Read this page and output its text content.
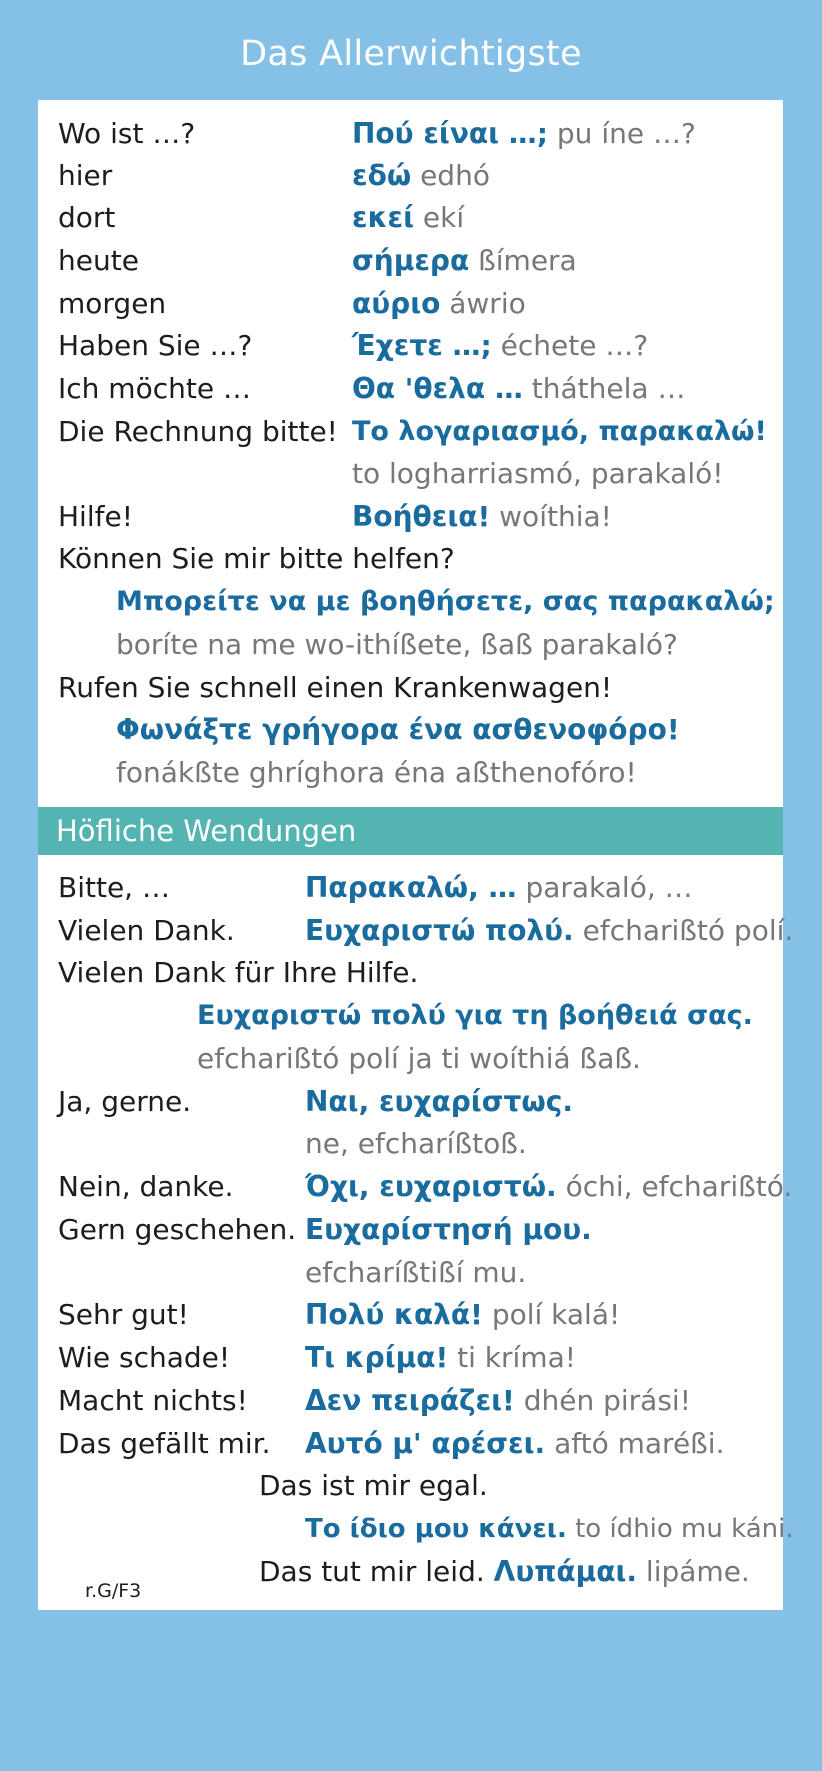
Das Allerwichtigste
Höfliche Wendungen
Wo ist …?	Πού είναι …; pu íne …?
hier	εδώ edhó
dort	εκεί ekí
heute	σήμερα ßímera
morgen	αύριο áwrio
Haben Sie …?	Έχετε …; échete …?
Ich möchte …	Θα 'θελα … tháthela …
Die Rechnung bitte! Το λογαριασμό, παρακαλώ!
to logharriasmó, parakaló!
Hilfe!	Βοήθεια! woíthia!
Können Sie mir bitte helfen?
Μπορείτε να με βοηθήσετε, σας παρακαλώ;
boríte na me wo-ithíßete, ßaß parakaló?
Rufen Sie schnell einen Krankenwagen!
Φωνάξτε γρήγορα ένα ασθενοφόρο!
fonákßte ghríghora éna aßthenofóro!
Bitte, …	Παρακαλώ, … parakaló, …
Vielen Dank.	Ευχαριστώ πολύ. efcharißtó polí.
Vielen Dank für Ihre Hilfe.
Ευχαριστώ πολύ για τη βοήθειά σας.
efcharißtó polí ja ti woíthiá ßaß.
Ja, gerne.	Ναι, ευχαρίστως.
ne, efcharíßtoß.
Nein, danke.	Όχι, ευχαριστώ. óchi, efcharißtó.
Gern geschehen. Ευχαρίστησή μου.
efcharíßtißí mu.
Sehr gut!	Πολύ καλά! polí kalá!
Wie schade!	Τι κρίμα! ti kríma!
Macht nichts! Δεν πειράζει! dhén pirási!
Das gefällt mir. Αυτό μ' αρέσει. aftó maréßi.
Das ist mir egal.
Το ίδιο μου κάνει. to ídhio mu káni.
Das tut mir leid. Λυπάμαι. lipáme.
r.G/F3
